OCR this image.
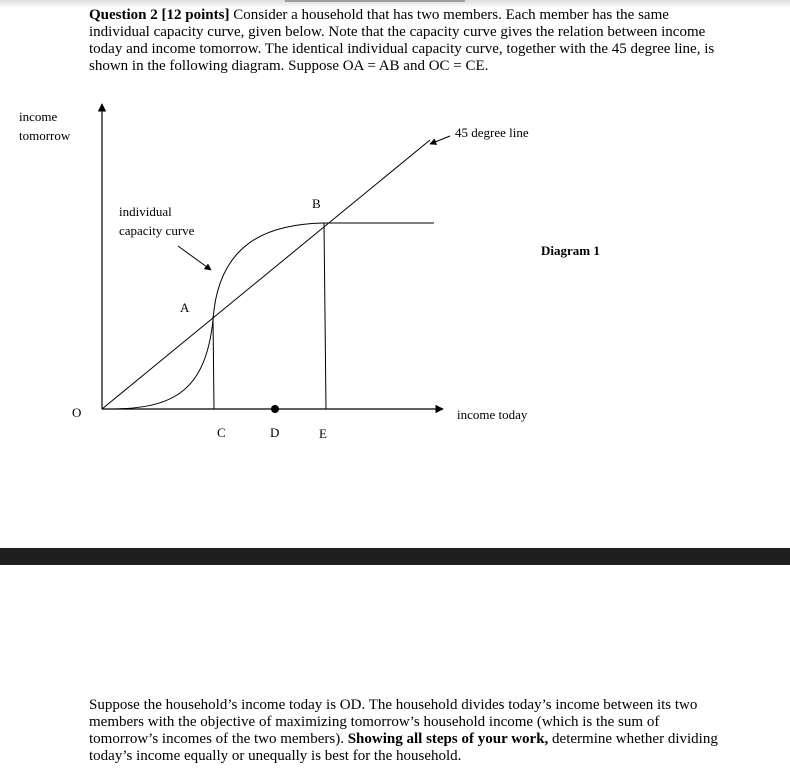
Question 2 [12 points] Consider a household that has two members. Each member has the same individual capacity curve, given below. Note that the capacity curve gives the relation between income today and income tomorrow. The identical individual capacity curve, together with the 45 degree line, is shown in the following diagram. Suppose OA = AB and OC = CE.

income
tomorrow	45 degree line
B
individual
capacity curve
Diagram 1
A
O	income today
C	D	E

Suppose the household’s income today is OD. The household divides today’s income between its two members with the objective of maximizing tomorrow’s household income (which is the sum of tomorrow’s incomes of the two members). Showing all steps of your work, determine whether dividing today’s income equally or unequally is best for the household.
